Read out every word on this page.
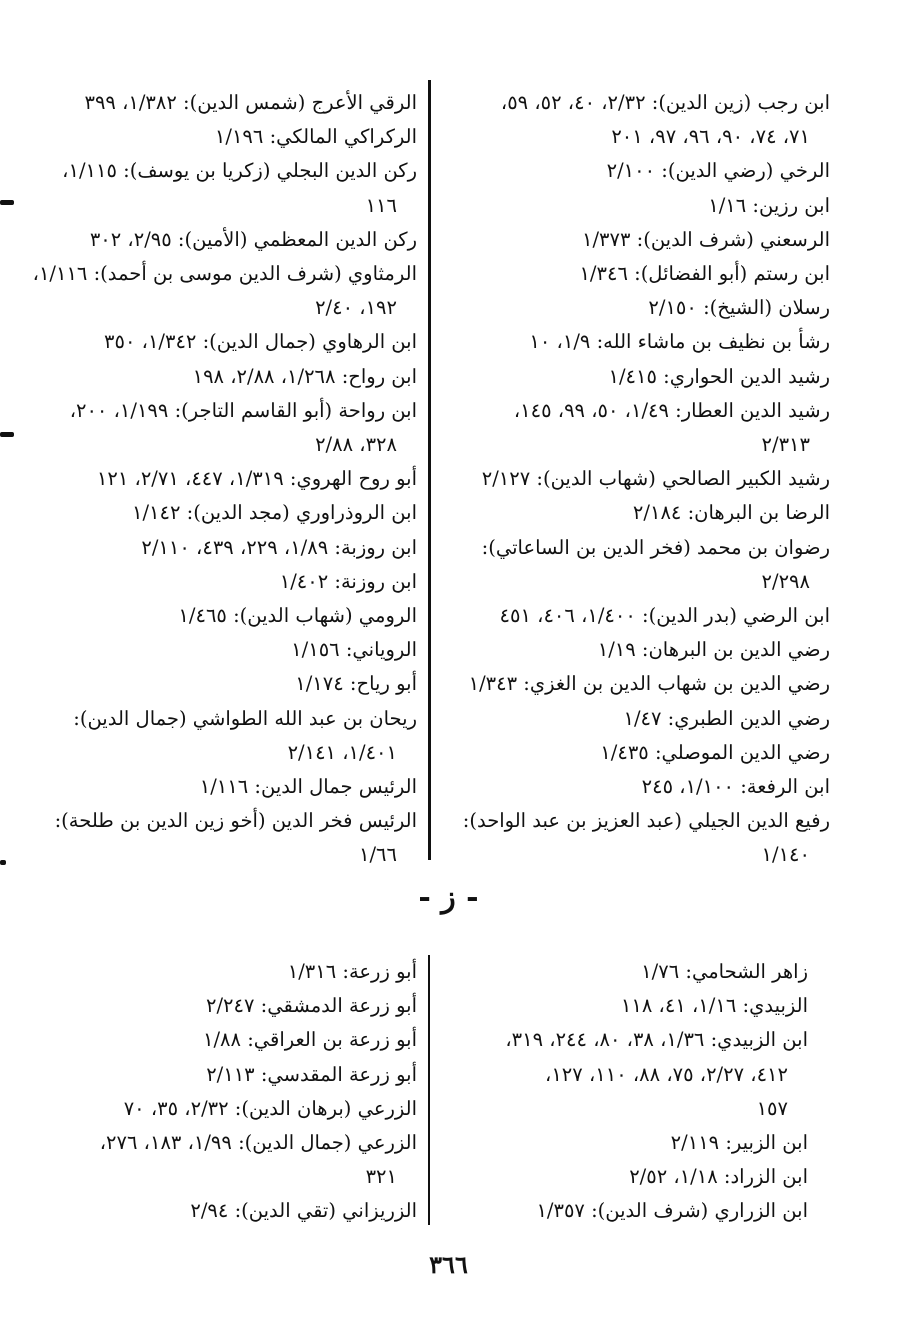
ابن رجب (زين الدين): ٢/٣٢، ٤٠، ٥٢، ٥٩،
٧١، ٧٤، ٩٠، ٩٦، ٩٧، ٢٠١
الرخي (رضي الدين): ٢/١٠٠
ابن رزين: ١/١٦
الرسعني (شرف الدين): ١/٣٧٣
ابن رستم (أبو الفضائل): ١/٣٤٦
رسلان (الشيخ): ٢/١٥٠
رشأ بن نظيف بن ماشاء الله: ١/٩، ١٠
رشيد الدين الحواري: ١/٤١٥
رشيد الدين العطار: ١/٤٩، ٥٠، ٩٩، ١٤٥،
٢/٣١٣
رشيد الكبير الصالحي (شهاب الدين): ٢/١٢٧
الرضا بن البرهان: ٢/١٨٤
رضوان بن محمد (فخر الدين بن الساعاتي):
٢/٢٩٨
ابن الرضي (بدر الدين): ١/٤٠٠، ٤٠٦، ٤٥١
رضي الدين بن البرهان: ١/١٩
رضي الدين بن شهاب الدين بن الغزي: ١/٣٤٣
رضي الدين الطبري: ١/٤٧
رضي الدين الموصلي: ١/٤٣٥
ابن الرفعة: ١/١٠٠، ٢٤٥
رفيع الدين الجيلي (عبد العزيز بن عبد الواحد):
١/١٤٠
الرقي الأعرج (شمس الدين): ١/٣٨٢، ٣٩٩
الركراكي المالكي: ١/١٩٦
ركن الدين البجلي (زكريا بن يوسف): ١/١١٥،
١١٦
ركن الدين المعظمي (الأمين): ٢/٩٥، ٣٠٢
الرمثاوي (شرف الدين موسى بن أحمد): ١/١١٦،
١٩٢، ٢/٤٠
ابن الرهاوي (جمال الدين): ١/٣٤٢، ٣٥٠
ابن رواح: ١/٢٦٨، ٢/٨٨، ١٩٨
ابن رواحة (أبو القاسم التاجر): ١/١٩٩، ٢٠٠،
٣٢٨، ٢/٨٨
أبو روح الهروي: ١/٣١٩، ٤٤٧، ٢/٧١، ١٢١
ابن الروذراوري (مجد الدين): ١/١٤٢
ابن روزبة: ١/٨٩، ٢٢٩، ٤٣٩، ٢/١١٠
ابن روزنة: ١/٤٠٢
الرومي (شهاب الدين): ١/٤٦٥
الروياني: ١/١٥٦
أبو رياح: ١/١٧٤
ريحان بن عبد الله الطواشي (جمال الدين):
١/٤٠١، ٢/١٤١
الرئيس جمال الدين: ١/١١٦
الرئيس فخر الدين (أخو زين الدين بن طلحة):
١/٦٦
- ز -
زاهر الشحامي: ١/٧٦
الزبيدي: ١/١٦، ٤١، ١١٨
ابن الزبيدي: ١/٣٦، ٣٨، ٨٠، ٢٤٤، ٣١٩،
٤١٢، ٢/٢٧، ٧٥، ٨٨، ١١٠، ١٢٧،
١٥٧
ابن الزبير: ٢/١١٩
ابن الزراد: ١/١٨، ٢/٥٢
ابن الزراري (شرف الدين): ١/٣٥٧
أبو زرعة: ١/٣١٦
أبو زرعة الدمشقي: ٢/٢٤٧
أبو زرعة بن العراقي: ١/٨٨
أبو زرعة المقدسي: ٢/١١٣
الزرعي (برهان الدين): ٢/٣٢، ٣٥، ٧٠
الزرعي (جمال الدين): ١/٩٩، ١٨٣، ٢٧٦،
٣٢١
الزريزاني (تقي الدين): ٢/٩٤
٣٦٦
